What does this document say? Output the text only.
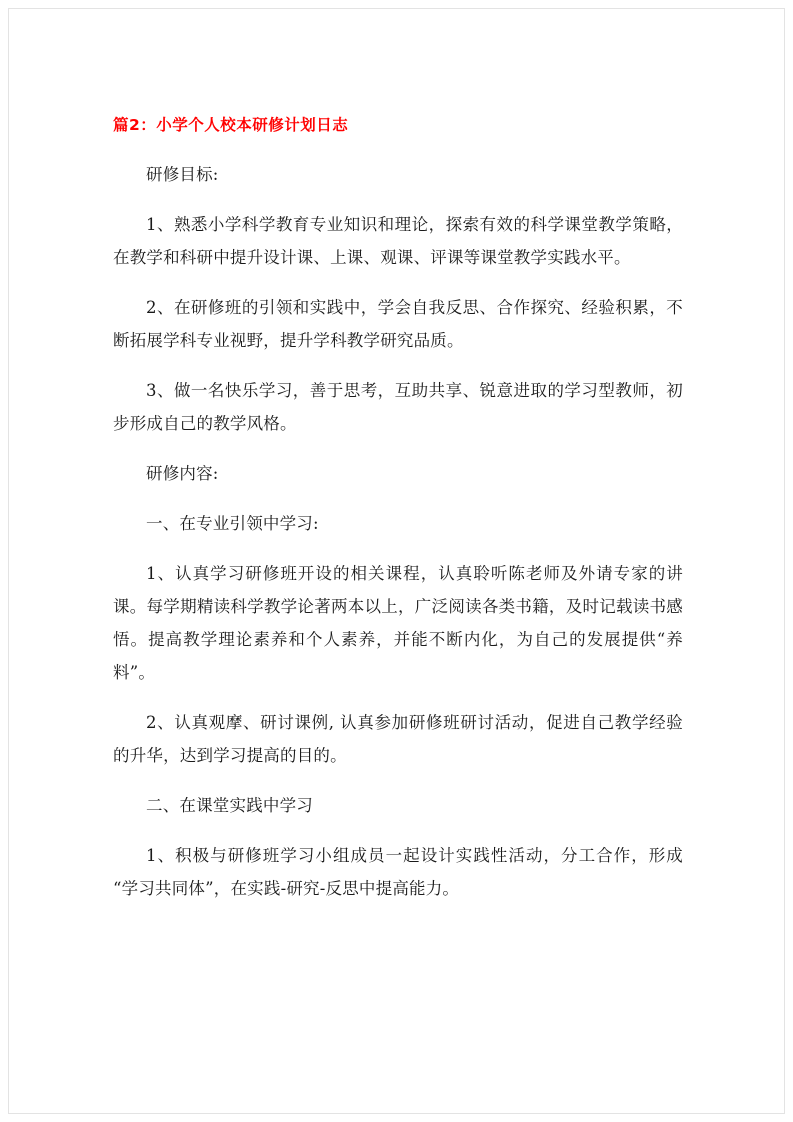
篇2：小学个人校本研修计划日志

研修目标:

1、熟悉小学科学教育专业知识和理论，探索有效的科学课堂教学策略，在教学和科研中提升设计课、上课、观课、评课等课堂教学实践水平。

2、在研修班的引领和实践中，学会自我反思、合作探究、经验积累，不断拓展学科专业视野，提升学科教学研究品质。

3、做一名快乐学习，善于思考，互助共享、锐意进取的学习型教师，初步形成自己的教学风格。

研修内容:

一、在专业引领中学习:

1、认真学习研修班开设的相关课程，认真聆听陈老师及外请专家的讲课。每学期精读科学教学论著两本以上，广泛阅读各类书籍，及时记载读书感悟。提高教学理论素养和个人素养，并能不断内化，为自己的发展提供“养料”。

2、认真观摩、研讨课例, 认真参加研修班研讨活动，促进自己教学经验的升华，达到学习提高的目的。

二、在课堂实践中学习

1、积极与研修班学习小组成员一起设计实践性活动，分工合作，形成“学习共同体”，在实践-研究-反思中提高能力。
